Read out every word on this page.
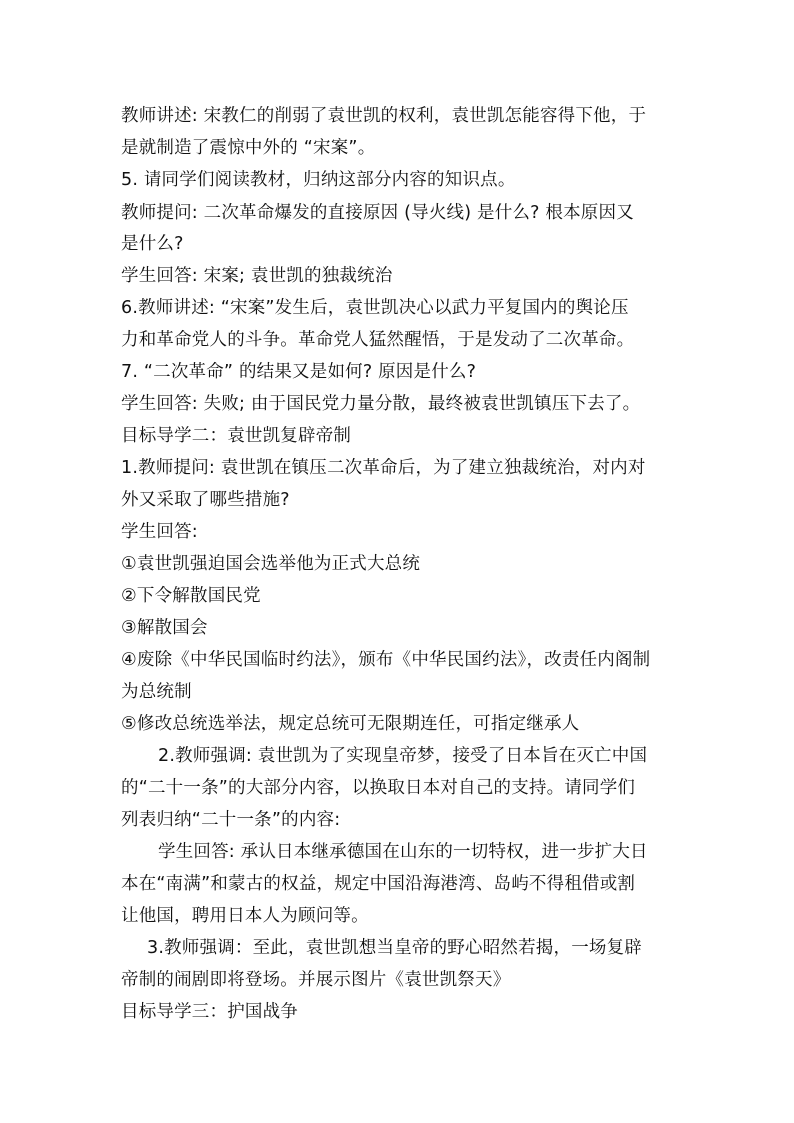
教师讲述: 宋教仁的削弱了袁世凯的权利，袁世凯怎能容得下他，于
是就制造了震惊中外的 “宋案”。
5. 请同学们阅读教材，归纳这部分内容的知识点。
教师提问: 二次革命爆发的直接原因 (导火线) 是什么? 根本原因又
是什么?
学生回答: 宋案; 袁世凯的独裁统治
6.教师讲述: “宋案”发生后，袁世凯决心以武力平复国内的舆论压
力和革命党人的斗争。革命党人猛然醒悟，于是发动了二次革命。
7. “二次革命” 的结果又是如何? 原因是什么?
学生回答: 失败; 由于国民党力量分散，最终被袁世凯镇压下去了。
目标导学二：袁世凯复辟帝制
1.教师提问: 袁世凯在镇压二次革命后，为了建立独裁统治，对内对
外又采取了哪些措施?
学生回答:
①袁世凯强迫国会选举他为正式大总统
②下令解散国民党
③解散国会
④废除《中华民国临时约法》，颁布《中华民国约法》，改责任内阁制
为总统制
⑤修改总统选举法，规定总统可无限期连任，可指定继承人
2.教师强调: 袁世凯为了实现皇帝梦，接受了日本旨在灭亡中国
的“二十一条”的大部分内容，以换取日本对自己的支持。请同学们
列表归纳“二十一条”的内容:
学生回答: 承认日本继承德国在山东的一切特权，进一步扩大日
本在“南满”和蒙古的权益，规定中国沿海港湾、岛屿不得租借或割
让他国，聘用日本人为顾问等。
3.教师强调：至此，袁世凯想当皇帝的野心昭然若揭，一场复辟
帝制的闹剧即将登场。并展示图片《袁世凯祭天》
目标导学三：护国战争
